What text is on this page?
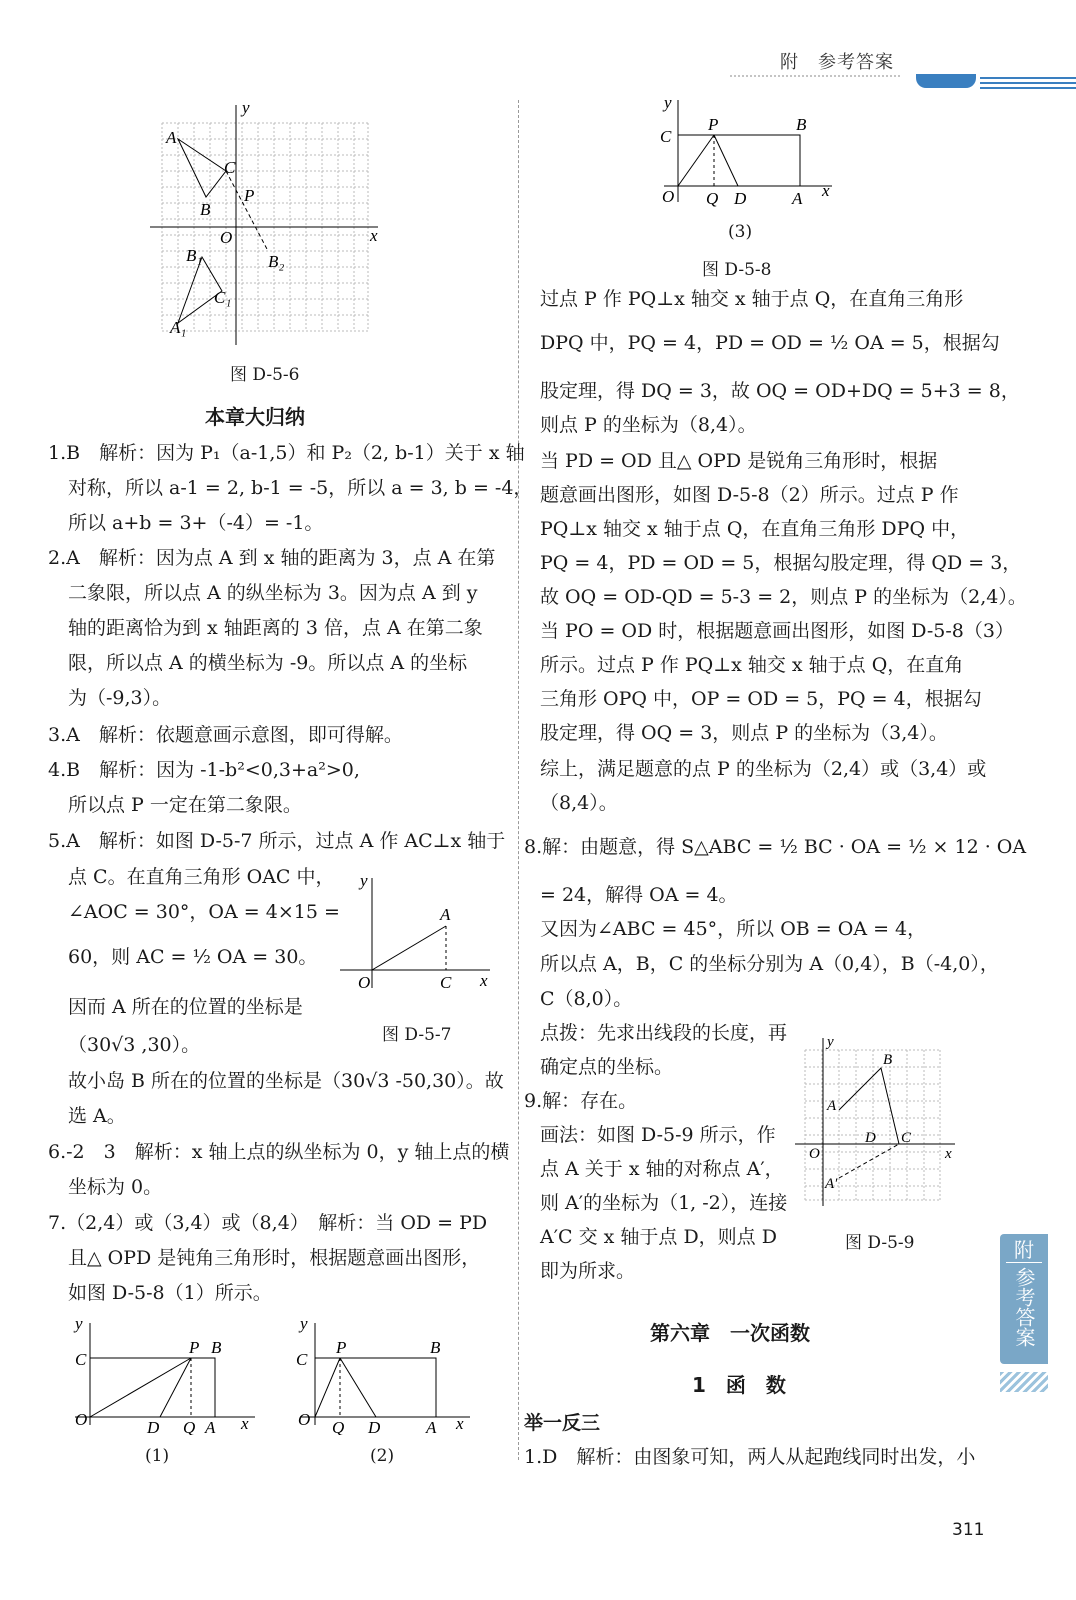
附　参考答案
附
参考答案
A
C
B
P
O	x
y
B₁	B₂
C₁
A₁
图 D-5-6
本章大归纳
1.B　解析：因为 P₁（a-1,5）和 P₂（2, b-1）关于 x 轴
对称，所以 a-1 = 2, b-1 = -5，所以 a = 3, b = -4，
所以 a+b = 3+（-4）= -1。
2.A　解析：因为点 A 到 x 轴的距离为 3，点 A 在第
二象限，所以点 A 的纵坐标为 3。因为点 A 到 y
轴的距离恰为到 x 轴距离的 3 倍，点 A 在第二象
限，所以点 A 的横坐标为 -9。所以点 A 的坐标
为（-9,3）。
3.A　解析：依题意画示意图，即可得解。
4.B　解析：因为 -1-b²<0,3+a²>0,
所以点 P 一定在第二象限。
5.A　解析：如图 D-5-7 所示，过点 A 作 AC⊥x 轴于
点 C。在直角三角形 OAC 中，
∠AOC = 30°，OA = 4×15 =
60，则 AC = ½ OA = 30。
因而 A 所在的位置的坐标是
（30√3 ,30）。
故小岛 B 所在的位置的坐标是（30√3 -50,30）。故
选 A。
6.-2　3　解析：x 轴上点的纵坐标为 0，y 轴上点的横
坐标为 0。
7.（2,4）或（3,4）或（8,4）　解析：当 OD = PD
且△ OPD 是钝角三角形时，根据题意画出图形，
如图 D-5-8（1）所示。
y
A
O	C x
图 D-5-7
y
C
P B
O	D Q A x
(1)
y
C
P	B
O Q D	A x
(2)
y
C
P	B
O Q D	A x
(3)
图 D-5-8
过点 P 作 PQ⊥x 轴交 x 轴于点 Q，在直角三角形
DPQ 中，PQ = 4，PD = OD = ½ OA = 5，根据勾
股定理，得 DQ = 3，故 OQ = OD+DQ = 5+3 = 8，
则点 P 的坐标为（8,4）。
当 PD = OD 且△ OPD 是锐角三角形时，根据
题意画出图形，如图 D-5-8（2）所示。过点 P 作
PQ⊥x 轴交 x 轴于点 Q，在直角三角形 DPQ 中，
PQ = 4，PD = OD = 5，根据勾股定理，得 QD = 3，
故 OQ = OD-QD = 5-3 = 2，则点 P 的坐标为（2,4）。
当 PO = OD 时，根据题意画出图形，如图 D-5-8（3）
所示。过点 P 作 PQ⊥x 轴交 x 轴于点 Q，在直角
三角形 OPQ 中，OP = OD = 5，PQ = 4，根据勾
股定理，得 OQ = 3，则点 P 的坐标为（3,4）。
综上，满足题意的点 P 的坐标为（2,4）或（3,4）或
（8,4）。
8.解：由题意，得 S△ABC = ½ BC · OA = ½ × 12 · OA
= 24，解得 OA = 4。
又因为∠ABC = 45°，所以 OB = OA = 4，
所以点 A，B，C 的坐标分别为 A（0,4），B（-4,0），
C（8,0）。
点拨：先求出线段的长度，再
确定点的坐标。
9.解：存在。
画法：如图 D-5-9 所示，作
点 A 关于 x 轴的对称点 A′，
则 A′的坐标为（1, -2），连接
A′C 交 x 轴于点 D，则点 D
即为所求。
y
B
A
D C
A′
x
O
图 D-5-9
第六章　一次函数
1　函　数
举一反三
1.D　解析：由图象可知，两人从起跑线同时出发，小
311
